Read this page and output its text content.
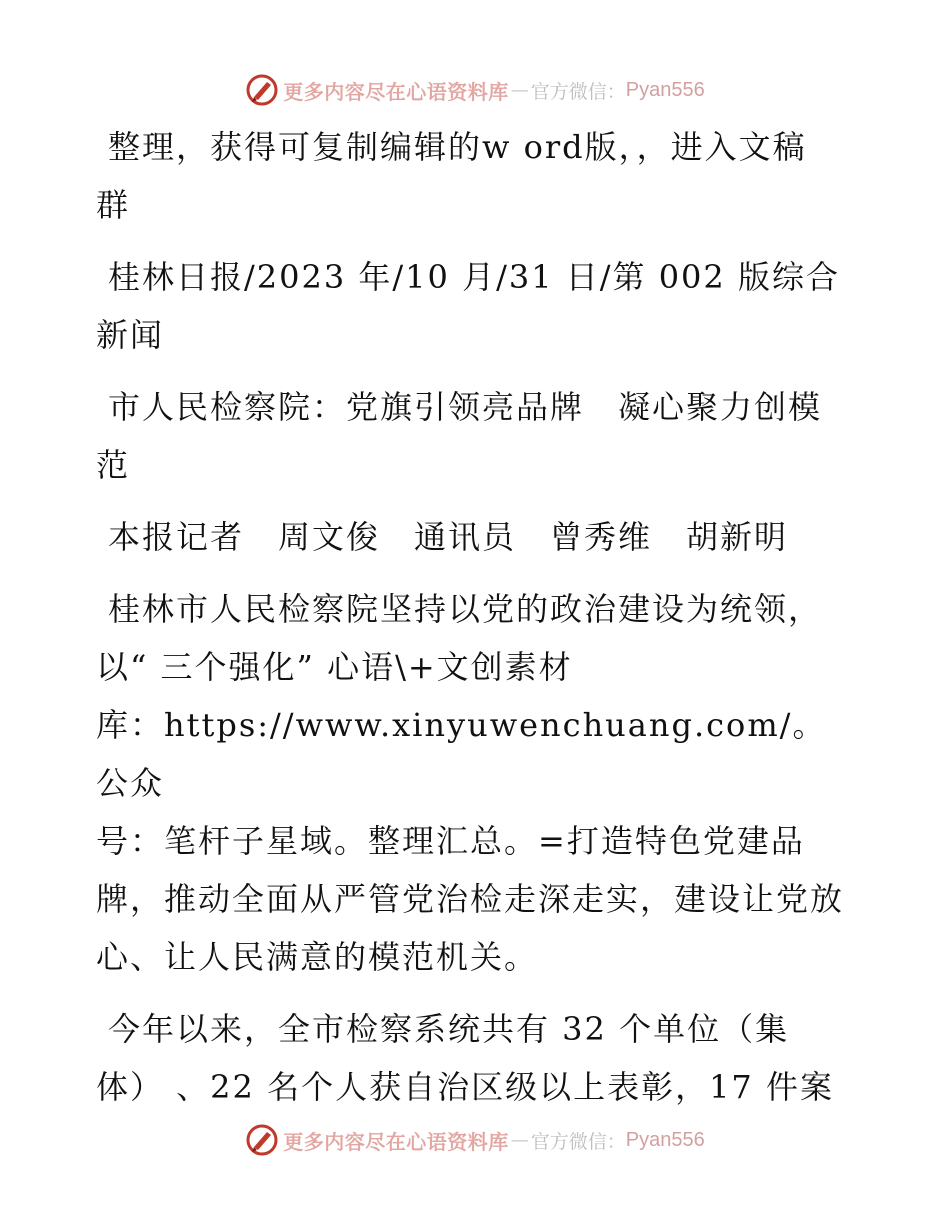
更多内容尽在心语资料库 — 官方微信： Pyan556
整理，获得可复制编辑的w ord版，，进入文稿
群
桂林日报/2023 年/10 月/31 日/第 002 版综合
新闻
市人民检察院：党旗引领亮品牌　凝心聚力创模
范
本报记者　周文俊　通讯员　曾秀维　胡新明
桂林市人民检察院坚持以党的政治建设为统领，
以“ 三个强化” 心语\+文创素材
库：https://www.xinyuwenchuang.com/。公众
号：笔杆子星域。整理汇总。=打造特色党建品
牌，推动全面从严管党治检走深走实，建设让党放
心、让人民满意的模范机关。
今年以来，全市检察系统共有 32 个单位（集
体） 、22 名个人获自治区级以上表彰，17 件案
更多内容尽在心语资料库 — 官方微信： Pyan556
